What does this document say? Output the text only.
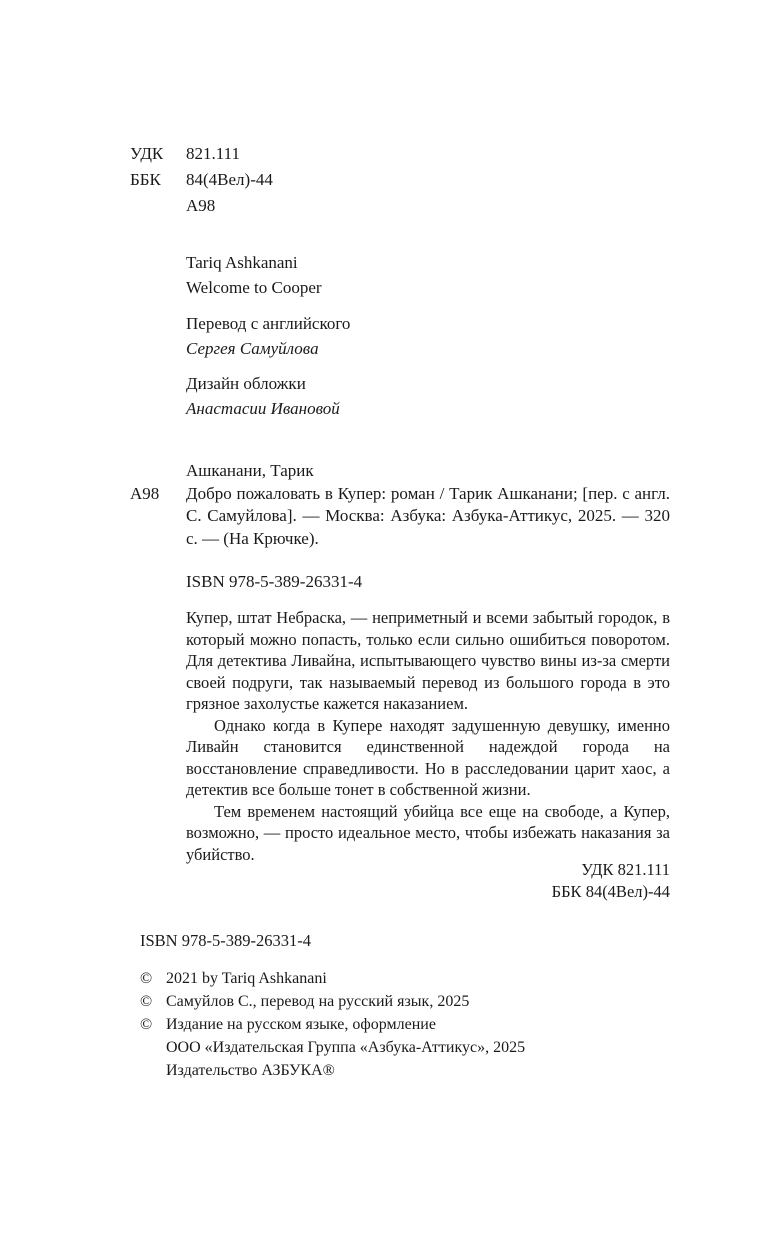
УДК	821.111
ББК	84(4Вел)-44
А98
Tariq Ashkanani
Welcome to Cooper
Перевод с английского
Сергея Самуйлова
Дизайн обложки
Анастасии Ивановой
Ашканани, Тарик
А98 Добро пожаловать в Купер: роман / Тарик Ашканани; [пер. с англ. С. Самуйлова]. — Москва: Азбука: Азбука-Аттикус, 2025. — 320 с. — (На Крючке).
ISBN 978-5-389-26331-4

Купер, штат Небраска, — неприметный и всеми забытый городок, в который можно попасть, только если сильно ошибиться поворотом. Для детектива Ливайна, испытывающего чувство вины из-за смерти своей подруги, так называемый перевод из большого города в это грязное захолустье кажется наказанием.

Однако когда в Купере находят задушенную девушку, именно Ливайн становится единственной надеждой города на восстановление справедливости. Но в расследовании царит хаос, а детектив все больше тонет в собственной жизни.

Тем временем настоящий убийца все еще на свободе, а Купер, возможно, — просто идеальное место, чтобы избежать наказания за убийство.

УДК 821.111
ББК 84(4Вел)-44
ISBN 978-5-389-26331-4
© 2021 by Tariq Ashkanani
© Самуйлов С., перевод на русский язык, 2025
© Издание на русском языке, оформление
ООО «Издательская Группа «Азбука-Аттикус», 2025
Издательство АЗБУКА®
